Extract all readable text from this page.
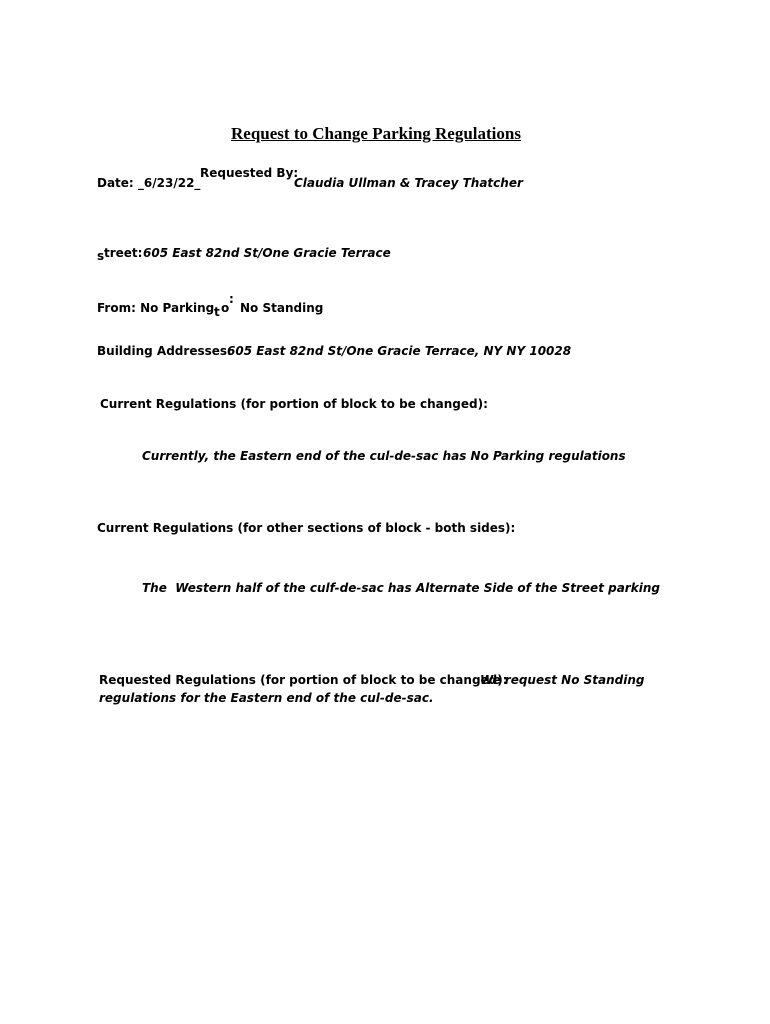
Request to Change Parking Regulations
Date: _6/23/22_
Requested By:
Claudia Ullman & Tracey Thatcher
s treet: 605 East 82nd St/One Gracie Terrace
From: No Parking t o
:
No Standing
Building Addresses:
605 East 82nd St/One Gracie Terrace, NY NY 10028
Current Regulations (for portion of block to be changed):
Currently, the Eastern end of the cul-de-sac has No Parking regulations
Current Regulations (for other sections of block - both sides):
The  Western half of the culf-de-sac has Alternate Side of the Street parking
Requested Regulations (for portion of block to be changed):
We request No Standing
regulations for the Eastern end of the cul-de-sac.
